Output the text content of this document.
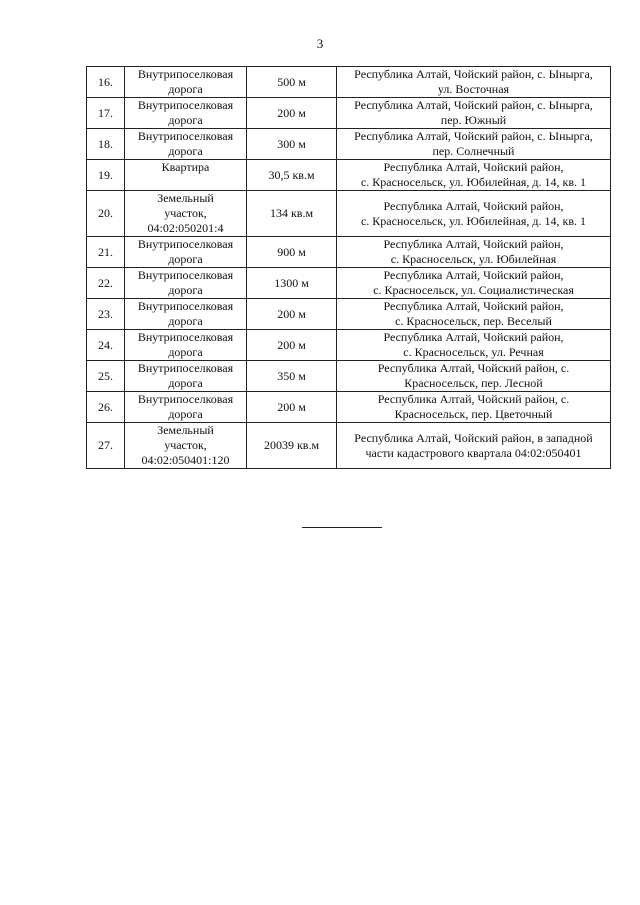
3
16.	Внутрипоселковая
дорога	500 м	Республика Алтай, Чойский район, с. Ынырга,
ул. Восточная

17.	Внутрипоселковая
дорога	200 м	Республика Алтай, Чойский район, с. Ынырга,
пер. Южный

18.	Внутрипоселковая
дорога	300 м	Республика Алтай, Чойский район, с. Ынырга,
пер. Солнечный

19.	Квартира	30,5 кв.м	Республика Алтай, Чойский район,
с. Красносельск, ул. Юбилейная, д. 14, кв. 1

20.	Земельный
участок,
04:02:050201:4	134 кв.м	Республика Алтай, Чойский район,
с. Красносельск, ул. Юбилейная, д. 14, кв. 1

21.	Внутрипоселковая
дорога	900 м	Республика Алтай, Чойский район,
с. Красносельск, ул. Юбилейная

22.	Внутрипоселковая
дорога	1300 м	Республика Алтай, Чойский район,
с. Красносельск, ул. Социалистическая

23.	Внутрипоселковая
дорога	200 м	Республика Алтай, Чойский район,
с. Красносельск, пер. Веселый

24.	Внутрипоселковая
дорога	200 м	Республика Алтай, Чойский район,
с. Красносельск, ул. Речная

25.	Внутрипоселковая
дорога	350 м	Республика Алтай, Чойский район, с.
Красносельск, пер. Лесной

26.	Внутрипоселковая
дорога	200 м	Республика Алтай, Чойский район, с.
Красносельск, пер. Цветочный

27.	Земельный
участок,
04:02:050401:120	20039 кв.м	Республика Алтай, Чойский район, в западной
части кадастрового квартала 04:02:050401
